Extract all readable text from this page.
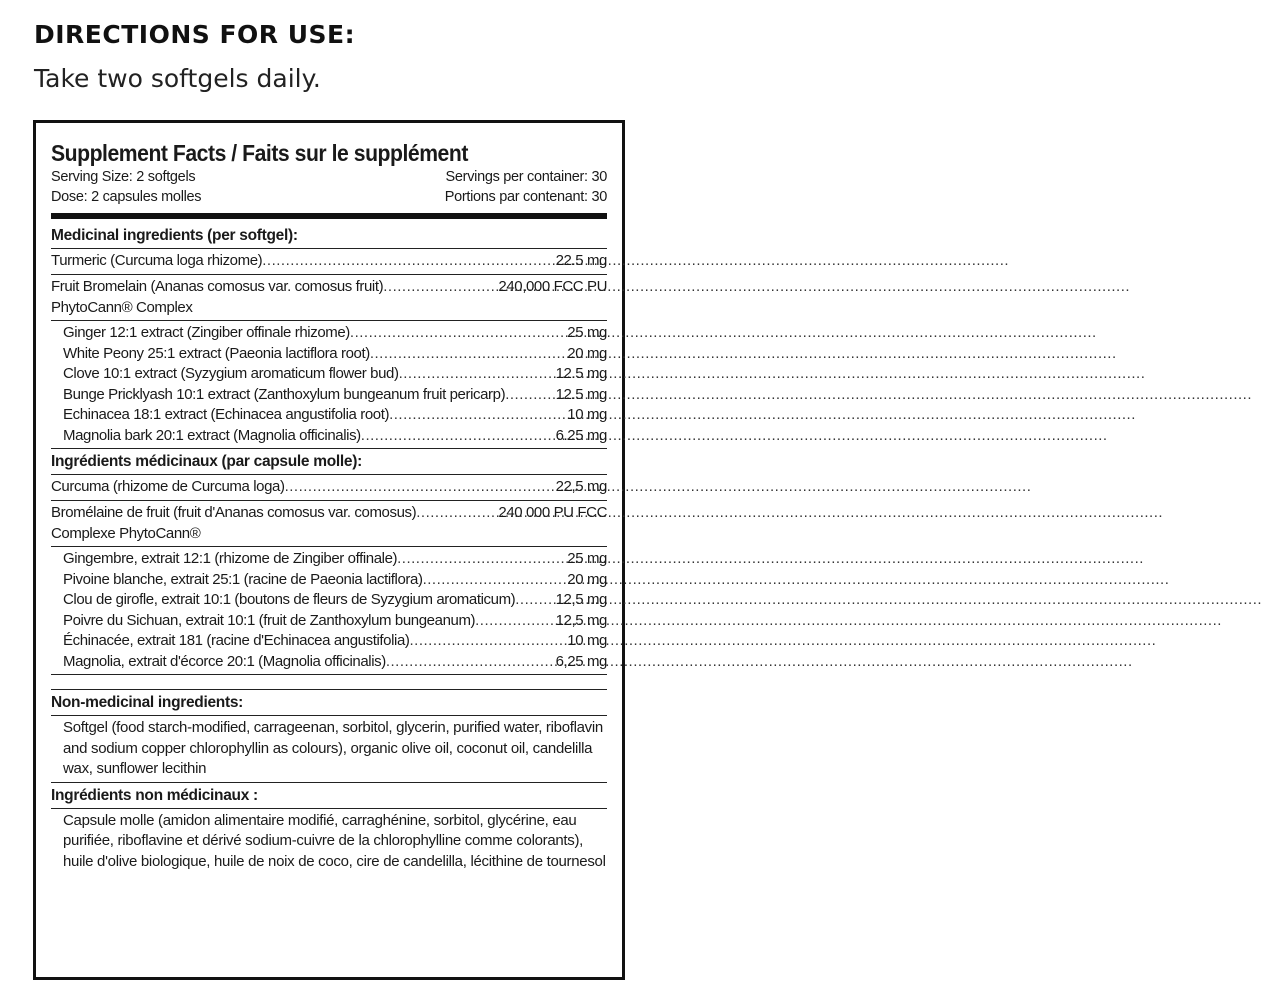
DIRECTIONS FOR USE:
Take two softgels daily.
Supplement Facts / Faits sur le supplément
Serving Size: 2 softgels	Servings per container: 30
Dose: 2 capsules molles	Portions par contenant: 30
Medicinal ingredients (per softgel):
Turmeric (Curcuma loga rhizome) .....	22.5 mg
Fruit Bromelain (Ananas comosus var. comosus fruit) .....	240,000 FCC PU
PhytoCann® Complex
Ginger 12:1 extract (Zingiber offinale rhizome) .....	25 mg
White Peony 25:1 extract (Paeonia lactiflora root) .....	20 mg
Clove 10:1 extract (Syzygium aromaticum flower bud) .....	12.5 mg
Bunge Pricklyash 10:1 extract (Zanthoxylum bungeanum fruit pericarp) .....	12.5 mg
Echinacea 18:1 extract (Echinacea angustifolia root) .....	10 mg
Magnolia bark 20:1 extract (Magnolia officinalis) .....	6.25 mg
Ingrédients médicinaux (par capsule molle):
Curcuma (rhizome de Curcuma loga) .....	22,5 mg
Bromélaine de fruit (fruit d'Ananas comosus var. comosus) .....	240 000 PU FCC
Complexe PhytoCann®
Gingembre, extrait 12:1 (rhizome de Zingiber offinale) .....	25 mg
Pivoine blanche, extrait 25:1 (racine de Paeonia lactiflora) .....	20 mg
Clou de girofle, extrait 10:1 (boutons de fleurs de Syzygium aromaticum) .....	12,5 mg
Poivre du Sichuan, extrait 10:1 (fruit de Zanthoxylum bungeanum) .....	12,5 mg
Échinacée, extrait 181 (racine d'Echinacea angustifolia) .....	10 mg
Magnolia, extrait d'écorce 20:1 (Magnolia officinalis) .....	6,25 mg
Non-medicinal ingredients:
Softgel (food starch-modified, carrageenan, sorbitol, glycerin, purified water, riboflavin and sodium copper chlorophyllin as colours), organic olive oil, coconut oil, candelilla wax, sunflower lecithin
Ingrédients non médicinaux :
Capsule molle (amidon alimentaire modifié, carraghénine, sorbitol, glycérine, eau purifiée, riboflavine et dérivé sodium-cuivre de la chlorophylline comme colorants), huile d'olive biologique, huile de noix de coco, cire de candelilla, lécithine de tournesol
